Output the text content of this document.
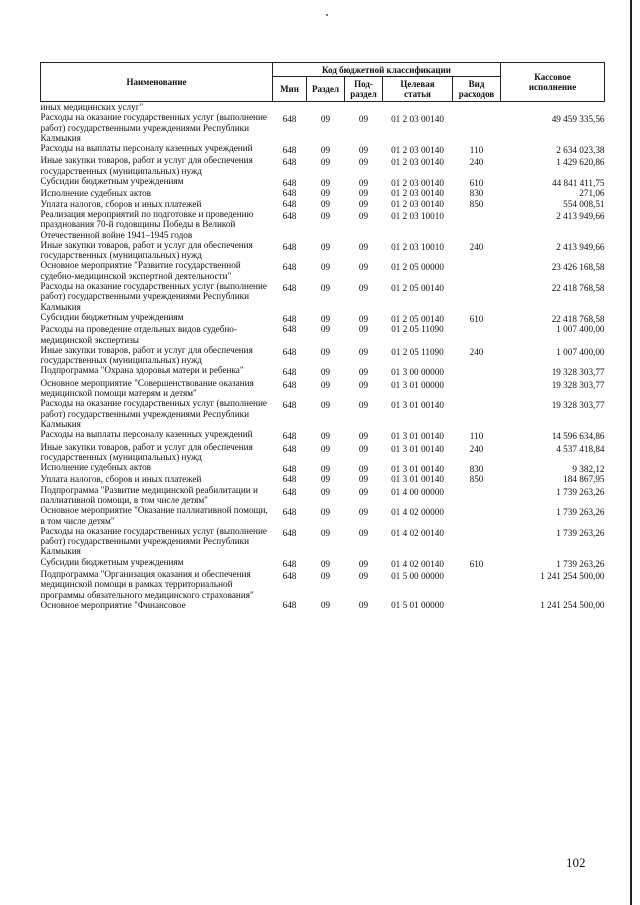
Наименование	Код бюджетной классификации					Кассовое
исполнение
	Мин	Раздел	Под-
раздел	Целевая
статья	Вид
расходов	
иных медицинских услуг"						
Расходы на оказание государственных услуг (выполнение работ) государственными учреждениями Республики Калмыкия	648	09	09	01 2 03 00140		49 459 335,56
Расходы на выплаты персоналу казенных учреждений	648	09	09	01 2 03 00140	110	2 634 023,38
Иные закупки товаров, работ и услуг для обеспечения государственных (муниципальных) нужд	648	09	09	01 2 03 00140	240	1 429 620,86
Субсидии бюджетным учреждениям	648	09	09	01 2 03 00140	610	44 841 411,75
Исполнение судебных актов	648	09	09	01 2 03 00140	830	271,06
Уплата налогов, сборов и иных платежей	648	09	09	01 2 03 00140	850	554 008,51
Реализация мероприятий по подготовке и проведению празднования 70-й годовщины Победы в Великой Отечественной войне 1941–1945 годов	648	09	09	01 2 03 10010		2 413 949,66
Иные закупки товаров, работ и услуг для обеспечения государственных (муниципальных) нужд	648	09	09	01 2 03 10010	240	2 413 949,66
Основное мероприятие "Развитие государственной судебно-медицинской экспертной деятельности"	648	09	09	01 2 05 00000		23 426 168,58
Расходы на оказание государственных услуг (выполнение работ) государственными учреждениями Республики Калмыкия	648	09	09	01 2 05 00140		22 418 768,58
Субсидии бюджетным учреждениям	648	09	09	01 2 05 00140	610	22 418 768,58
Расходы на проведение отдельных видов судебно-медицинской экспертизы	648	09	09	01 2 05 11090		1 007 400,00
Иные закупки товаров, работ и услуг для обеспечения государственных (муниципальных) нужд	648	09	09	01 2 05 11090	240	1 007 400,00
Подпрограмма "Охрана здоровья матери и ребенка"	648	09	09	01 3 00 00000		19 328 303,77
Основное мероприятие "Совершенствование оказания медицинской помощи матерям и детям"	648	09	09	01 3 01 00000		19 328 303,77
Расходы на оказание государственных услуг (выполнение работ) государственными учреждениями Республики Калмыкия	648	09	09	01 3 01 00140		19 328 303,77
Расходы на выплаты персоналу казенных учреждений	648	09	09	01 3 01 00140	110	14 596 634,86
Иные закупки товаров, работ и услуг для обеспечения государственных (муниципальных) нужд	648	09	09	01 3 01 00140	240	4 537 418,84
Исполнение судебных актов	648	09	09	01 3 01 00140	830	9 382,12
Уплата налогов, сборов и иных платежей	648	09	09	01 3 01 00140	850	184 867,95
Подпрограмма "Развитие медицинской реабилитации и паллиативной помощи, в том числе детям"	648	09	09	01 4 00 00000		1 739 263,26
Основное мероприятие "Оказание паллиативной помощи, в том числе детям"	648	09	09	01 4 02 00000		1 739 263,26
Расходы на оказание государственных услуг (выполнение работ) государственными учреждениями Республики Калмыкия	648	09	09	01 4 02 00140		1 739 263,26
Субсидии бюджетным учреждениям	648	09	09	01 4 02 00140	610	1 739 263,26
Подпрограмма "Организация оказания и обеспечения медицинской помощи в рамках территориальной программы обязательного медицинского страхования"	648	09	09	01 5 00 00000		1 241 254 500,00
Основное мероприятие "Финансовое	648	09	09	01 5 01 00000		1 241 254 500,00
102
